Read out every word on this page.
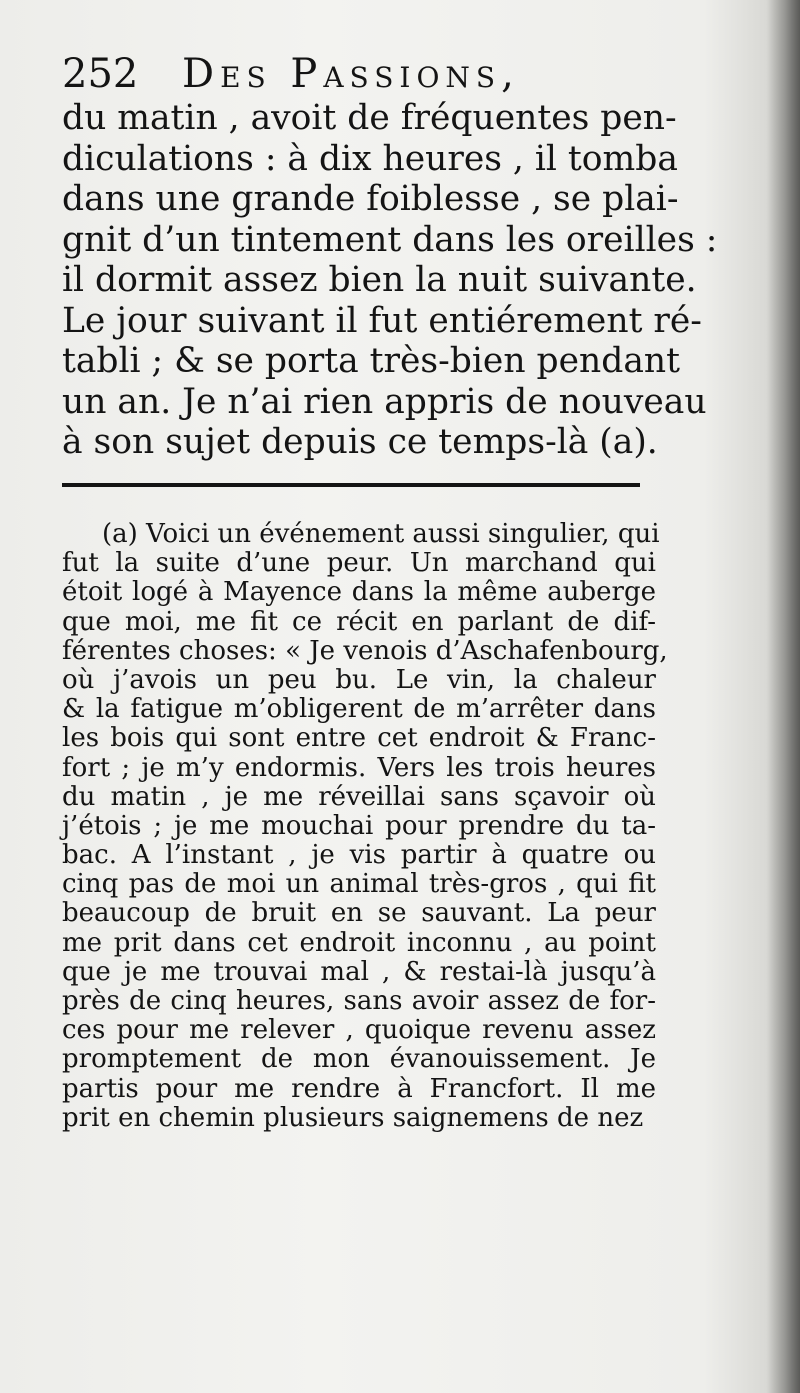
252 Des Passions,
du matin , avoit de fréquentes pen-
diculations : à dix heures , il tomba
dans une grande foiblesse , se plai-
gnit d’un tintement dans les oreilles :
il dormit assez bien la nuit suivante.
Le jour suivant il fut entiérement ré-
tabli ; & se porta très-bien pendant
un an. Je n’ai rien appris de nouveau
à son sujet depuis ce temps-là (a).
(a) Voici un événement aussi singulier, qui
fut la suite d’une peur. Un marchand qui
étoit logé à Mayence dans la même auberge
que moi, me fit ce récit en parlant de dif-
férentes choses: « Je venois d’Aschafenbourg,
où j’avois un peu bu. Le vin, la chaleur
& la fatigue m’obligerent de m’arrêter dans
les bois qui sont entre cet endroit & Franc-
fort ; je m’y endormis. Vers les trois heures
du matin , je me réveillai sans sçavoir où
j’étois ; je me mouchai pour prendre du ta-
bac. A l’instant , je vis partir à quatre ou
cinq pas de moi un animal très-gros , qui fit
beaucoup de bruit en se sauvant. La peur
me prit dans cet endroit inconnu , au point
que je me trouvai mal , & restai-là jusqu’à
près de cinq heures, sans avoir assez de for-
ces pour me relever , quoique revenu assez
promptement de mon évanouissement. Je
partis pour me rendre à Francfort. Il me
prit en chemin plusieurs saignemens de nez
